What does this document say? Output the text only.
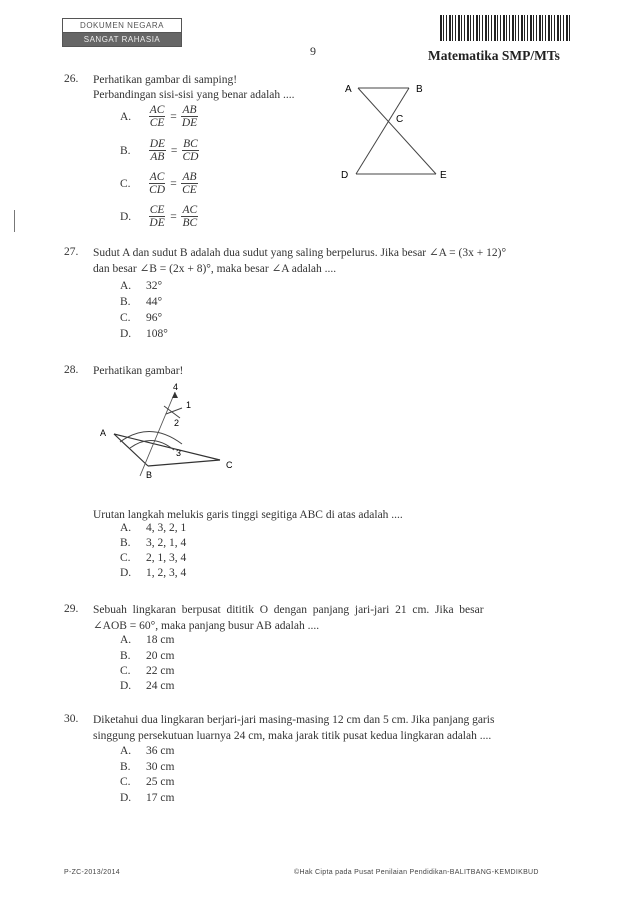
DOKUMEN NEGARA
SANGAT RAHASIA
9	Matematika SMP/MTs
26. Perhatikan gambar di samping!
Perbandingan sisi-sisi yang benar adalah ....
A. $\frac{AC}{CE} = \frac{AB}{DE}$
B. $\frac{DE}{AB} = \frac{BC}{CD}$
C. $\frac{AC}{CD} = \frac{AB}{CE}$
D. $\frac{CE}{DE} = \frac{AC}{BC}$
A	B
C
D	E
27. Sudut A dan sudut B adalah dua sudut yang saling berpelurus. Jika besar ∠A = (3x + 12)°
dan besar ∠B = (2x + 8)°, maka besar ∠A adalah ....
A. 32°
B. 44°
C. 96°
D. 108°
28. Perhatikan gambar!
4
1
2
3
A
B
C
Urutan langkah melukis garis tinggi segitiga ABC di atas adalah ....
A. 4, 3, 2, 1
B. 3, 2, 1, 4
C. 2, 1, 3, 4
D. 1, 2, 3, 4
29. Sebuah  lingkaran  berpusat  dititik  O  dengan  panjang  jari-jari  21  cm.  Jika  besar
∠AOB = 60°, maka panjang busur AB adalah ....
A. 18 cm
B. 20 cm
C. 22 cm
D. 24 cm
30. Diketahui dua lingkaran berjari-jari masing-masing 12 cm dan 5 cm. Jika panjang garis
singgung persekutuan luarnya 24 cm, maka jarak titik pusat kedua lingkaran adalah ....
A. 36 cm
B. 30 cm
C. 25 cm
D. 17 cm
P-ZC-2013/2014	©Hak Cipta pada Pusat Penilaian Pendidikan-BALITBANG-KEMDIKBUD
